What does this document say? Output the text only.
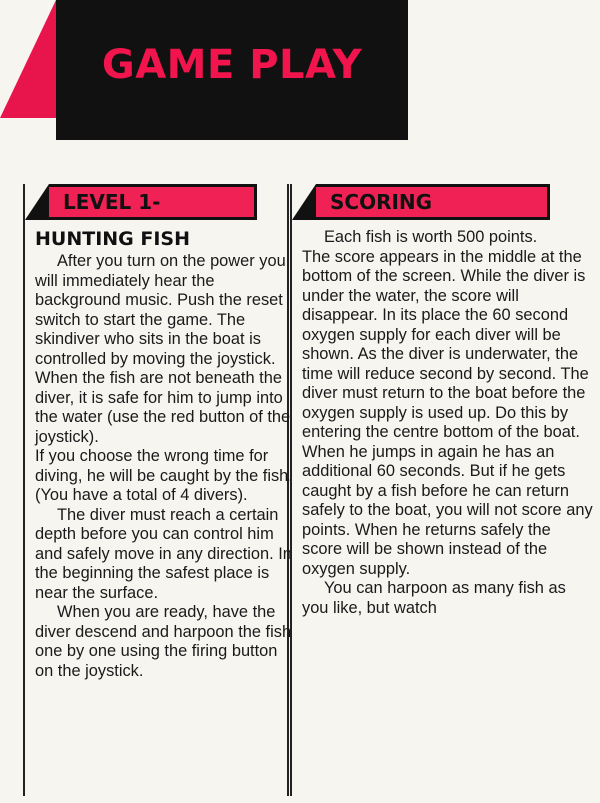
GAME PLAY
LEVEL 1-
HUNTING FISH

After you turn on the power you will immediately hear the background music. Push the reset switch to start the game. The skindiver who sits in the boat is controlled by moving the joystick. When the fish are not beneath the diver, it is safe for him to jump into the water (use the red button of the joystick).

If you choose the wrong time for diving, he will be caught by the fish. (You have a total of 4 divers).

The diver must reach a certain depth before you can control him and safely move in any direction. In the beginning the safest place is near the surface.

When you are ready, have the diver descend and harpoon the fish one by one using the firing button on the joystick.

SCORING

Each fish is worth 500 points.

The score appears in the middle at the bottom of the screen. While the diver is under the water, the score will disappear. In its place the 60 second oxygen supply for each diver will be shown. As the diver is underwater, the time will reduce second by second. The diver must return to the boat before the oxygen supply is used up. Do this by entering the centre bottom of the boat. When he jumps in again he has an additional 60 seconds. But if he gets caught by a fish before he can return safely to the boat, you will not score any points. When he returns safely the score will be shown instead of the oxygen supply.

You can harpoon as many fish as you like, but watch
